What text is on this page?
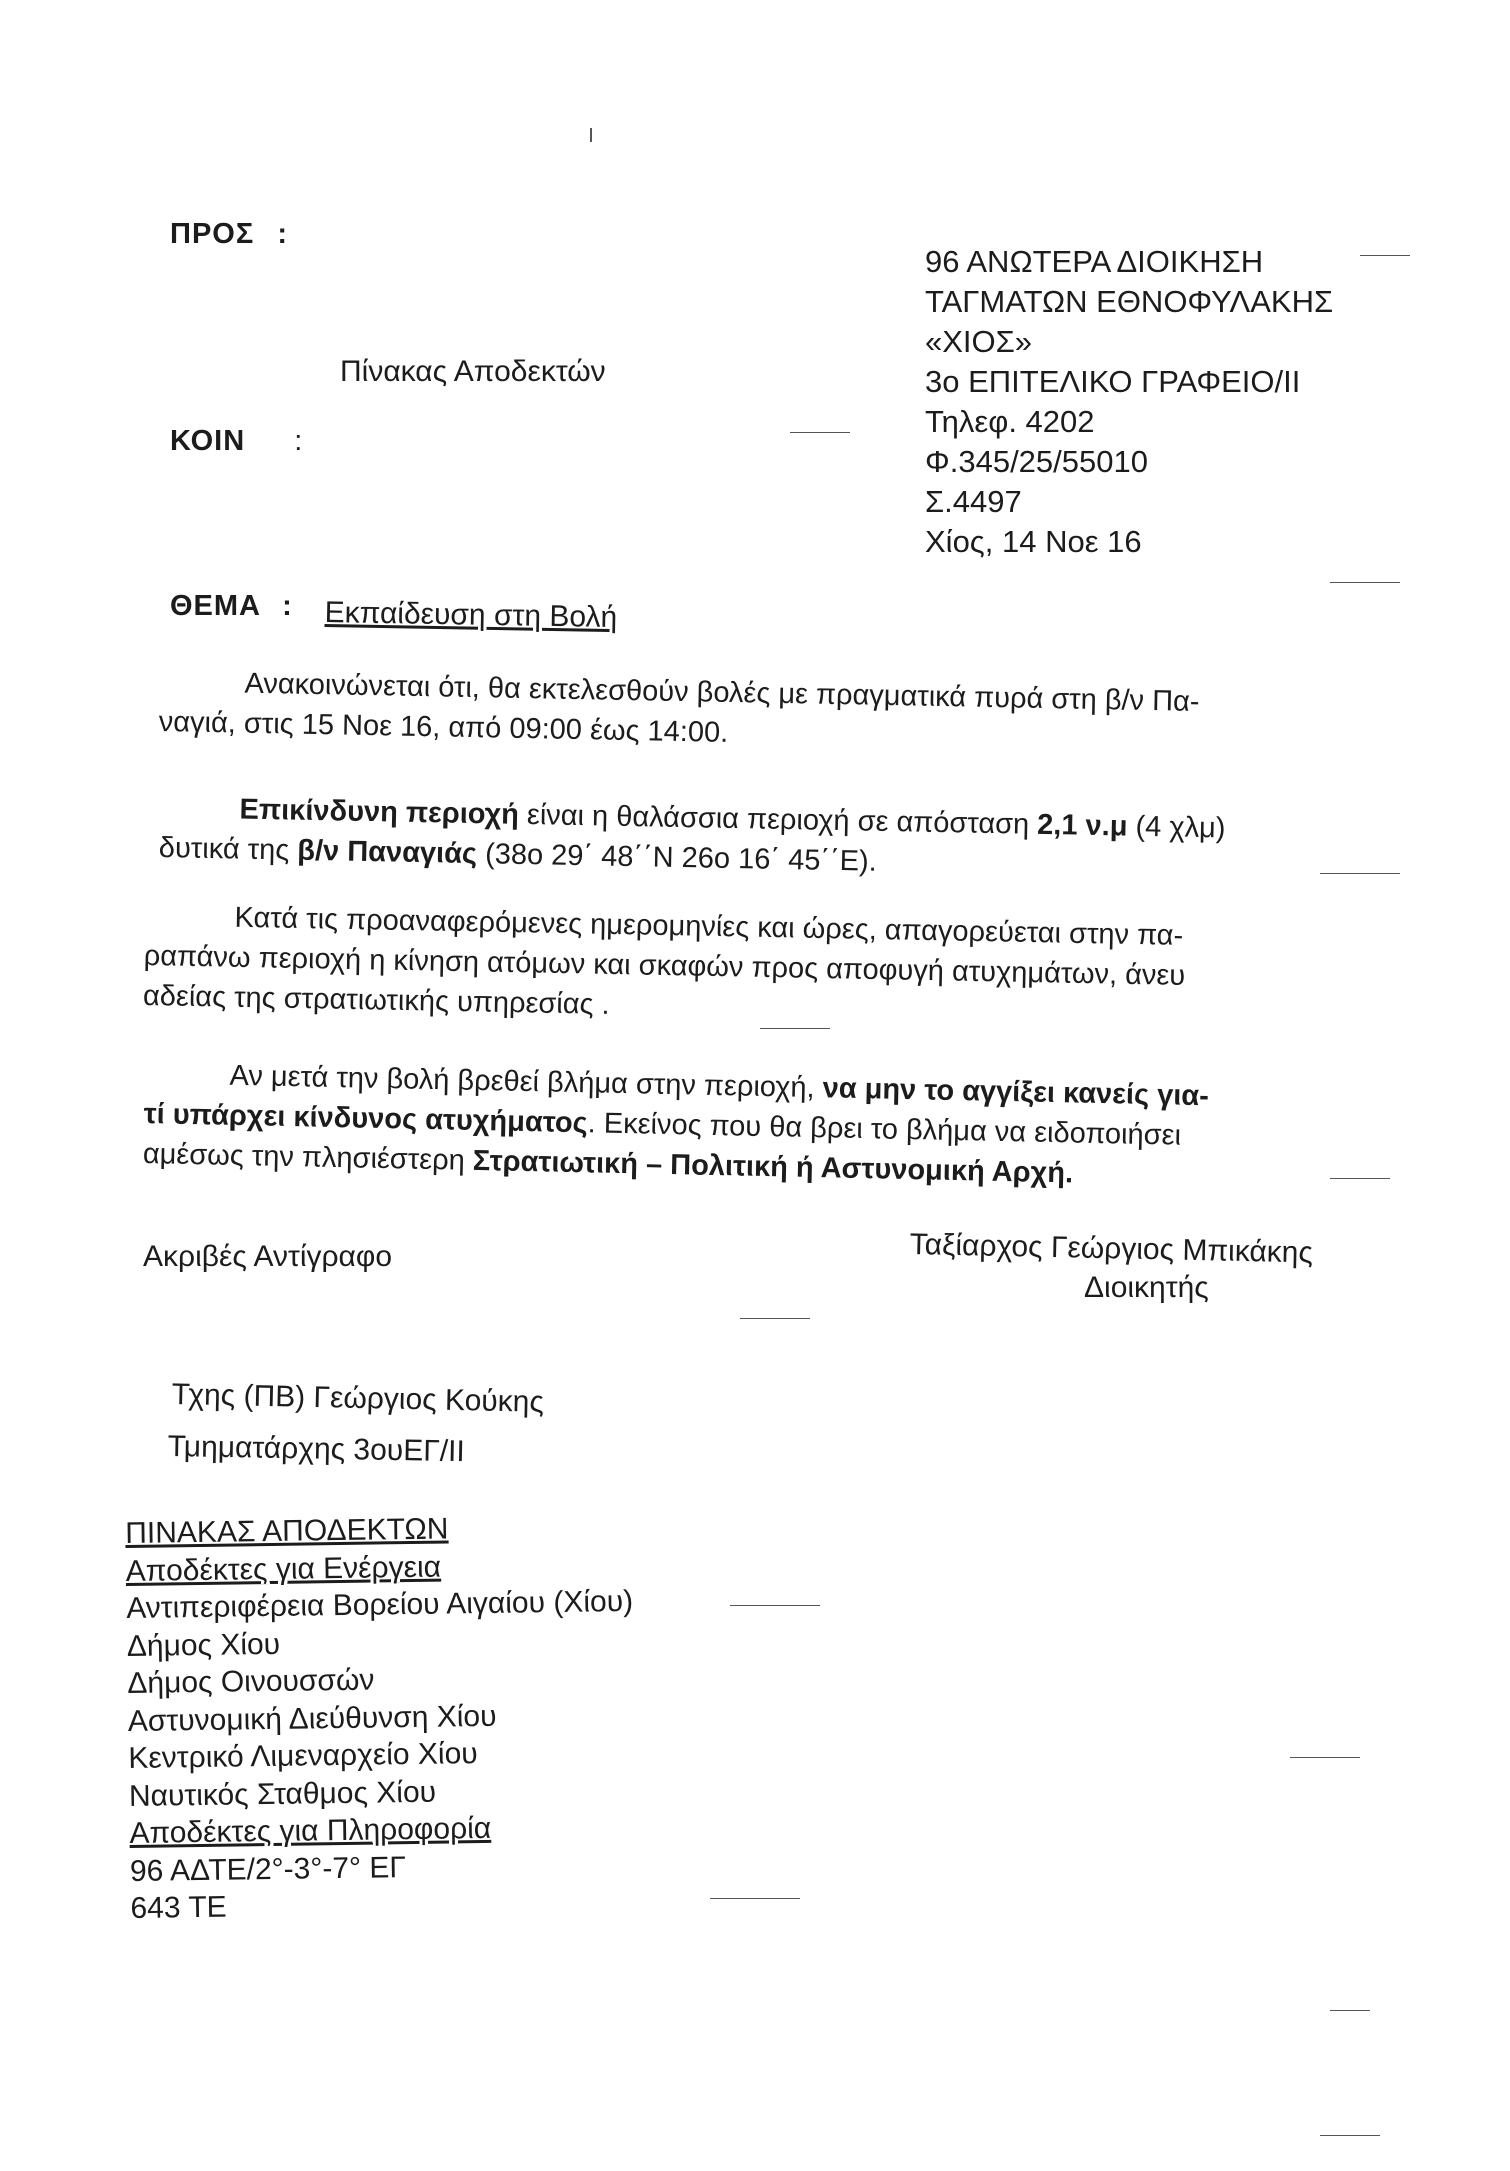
ΠΡΟΣ :
Πίνακας Αποδεκτών
ΚΟΙΝ :
ΘΕΜΑ : Εκπαίδευση στη Βολή
96 ΑΝΩΤΕΡΑ ΔΙΟΙΚΗΣΗ
ΤΑΓΜΑΤΩΝ ΕΘΝΟΦΥΛΑΚΗΣ
«ΧΙΟΣ»
3ο ΕΠΙΤΕΛΙΚΟ ΓΡΑΦΕΙΟ/ΙΙ
Τηλεφ. 4202
Φ.345/25/55010
Σ.4497
Χίος, 14 Νοε 16
Ανακοινώνεται ότι, θα εκτελεσθούν βολές με πραγματικά πυρά στη β/ν Πα-
ναγιά, στις 15 Νοε 16, από 09:00 έως 14:00.
Επικίνδυνη περιοχή είναι η θαλάσσια περιοχή σε απόσταση 2,1 ν.μ (4 χλμ)
δυτικά της β/ν Παναγιάς (38ο 29΄ 48΄΄Ν 26ο 16΄ 45΄΄Ε).
Κατά τις προαναφερόμενες ημερομηνίες και ώρες, απαγορεύεται στην πα-
ραπάνω περιοχή η κίνηση ατόμων και σκαφών προς αποφυγή ατυχημάτων, άνευ
αδείας της στρατιωτικής υπηρεσίας .
Αν μετά την βολή βρεθεί βλήμα στην περιοχή, να μην το αγγίξει κανείς για-
τί υπάρχει κίνδυνος ατυχήματος. Εκείνος που θα βρει το βλήμα να ειδοποιήσει
αμέσως την πλησιέστερη Στρατιωτική – Πολιτική ή Αστυνομική Αρχή.
Ακριβές Αντίγραφο	Ταξίαρχος Γεώργιος Μπικάκης
Διοικητής
Τχης (ΠΒ) Γεώργιος Κούκης
Τμηματάρχης 3ουΕΓ/ΙΙ
ΠΙΝΑΚΑΣ ΑΠΟΔΕΚΤΩΝ
Αποδέκτες για Ενέργεια
Αντιπεριφέρεια Βορείου Αιγαίου (Χίου)
Δήμος Χίου
Δήμος Οινουσσών
Αστυνομική Διεύθυνση Χίου
Κεντρικό Λιμεναρχείο Χίου
Ναυτικός Σταθμος Χίου
Αποδέκτες για Πληροφορία
96 ΑΔΤΕ/2°-3°-7° ΕΓ
643 ΤΕ
